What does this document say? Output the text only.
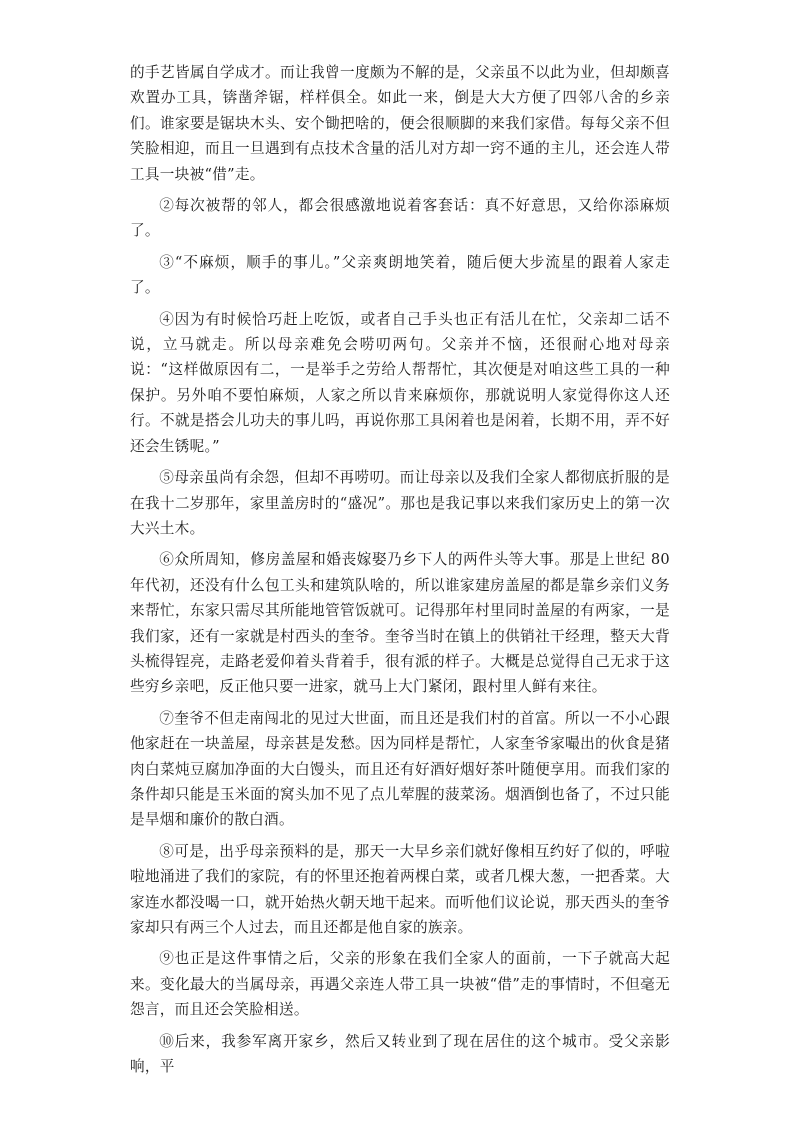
的手艺皆属自学成才。而让我曾一度颇为不解的是，父亲虽不以此为业，但却颇喜欢置办工具，锛凿斧锯，样样俱全。如此一来，倒是大大方便了四邻八舍的乡亲们。谁家要是锯块木头、安个锄把啥的，便会很顺脚的来我们家借。每每父亲不但笑脸相迎，而且一旦遇到有点技术含量的活儿对方却一窍不通的主儿，还会连人带工具一块被“借”走。

②每次被帮的邻人，都会很感激地说着客套话：真不好意思，又给你添麻烦了。

③“不麻烦，顺手的事儿。”父亲爽朗地笑着，随后便大步流星的跟着人家走了。

④因为有时候恰巧赶上吃饭，或者自己手头也正有活儿在忙，父亲却二话不说，立马就走。所以母亲难免会唠叨两句。父亲并不恼，还很耐心地对母亲说：“这样做原因有二，一是举手之劳给人帮帮忙，其次便是对咱这些工具的一种保护。另外咱不要怕麻烦，人家之所以肯来麻烦你，那就说明人家觉得你这人还行。不就是搭会儿功夫的事儿吗，再说你那工具闲着也是闲着，长期不用，弄不好还会生锈呢。”

⑤母亲虽尚有余怨，但却不再唠叨。而让母亲以及我们全家人都彻底折服的是在我十二岁那年，家里盖房时的“盛况”。那也是我记事以来我们家历史上的第一次大兴土木。

⑥众所周知，修房盖屋和婚丧嫁娶乃乡下人的两件头等大事。那是上世纪 80 年代初，还没有什么包工头和建筑队啥的，所以谁家建房盖屋的都是靠乡亲们义务来帮忙，东家只需尽其所能地管管饭就可。记得那年村里同时盖屋的有两家，一是我们家，还有一家就是村西头的奎爷。奎爷当时在镇上的供销社干经理，整天大背头梳得锃亮，走路老爱仰着头背着手，很有派的样子。大概是总觉得自己无求于这些穷乡亲吧，反正他只要一进家，就马上大门紧闭，跟村里人鲜有来往。

⑦奎爷不但走南闯北的见过大世面，而且还是我们村的首富。所以一不小心跟他家赶在一块盖屋，母亲甚是发愁。因为同样是帮忙，人家奎爷家嘬出的伙食是猪肉白菜炖豆腐加净面的大白馒头，而且还有好酒好烟好茶叶随便享用。而我们家的条件却只能是玉米面的窝头加不见了点儿荤腥的菠菜汤。烟酒倒也备了，不过只能是旱烟和廉价的散白酒。

⑧可是，出乎母亲预料的是，那天一大早乡亲们就好像相互约好了似的，呼啦啦地涌进了我们的家院，有的怀里还抱着两棵白菜，或者几棵大葱，一把香菜。大家连水都没喝一口，就开始热火朝天地干起来。而听他们议论说，那天西头的奎爷家却只有两三个人过去，而且还都是他自家的族亲。

⑨也正是这件事情之后，父亲的形象在我们全家人的面前，一下子就高大起来。变化最大的当属母亲，再遇父亲连人带工具一块被“借”走的事情时，不但毫无怨言，而且还会笑脸相送。

⑩后来，我参军离开家乡，然后又转业到了现在居住的这个城市。受父亲影响，平
